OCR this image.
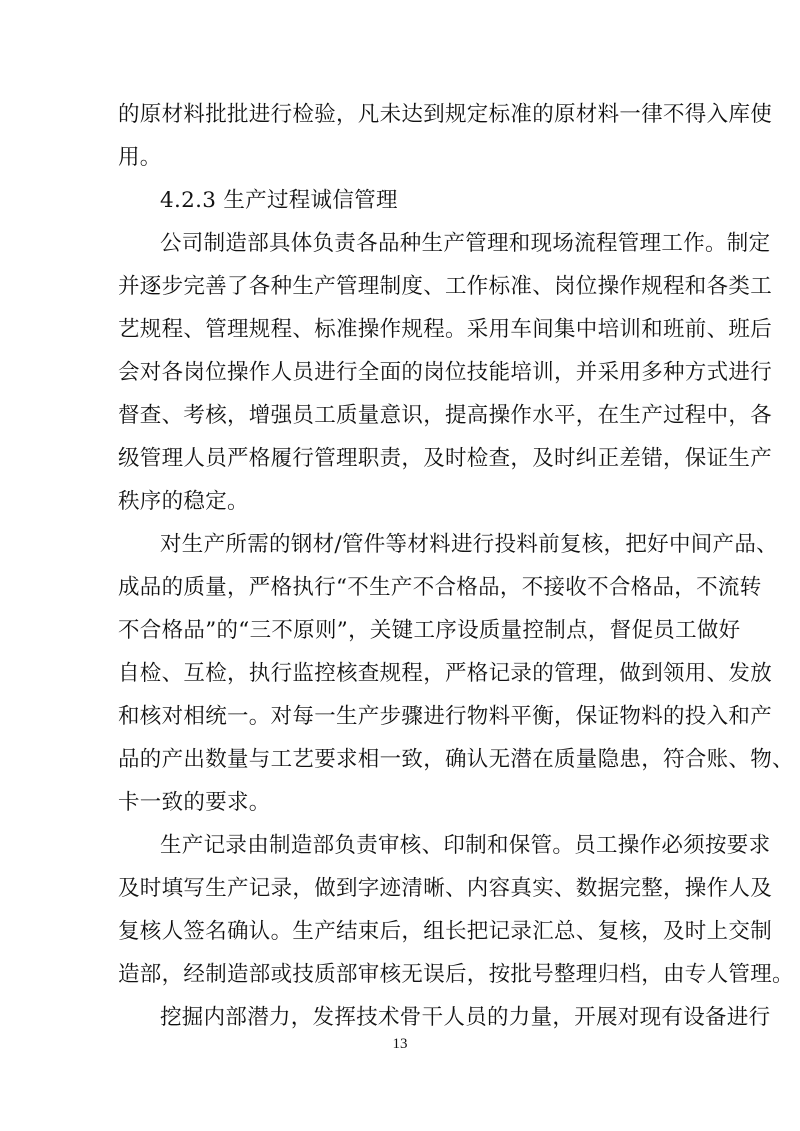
的原材料批批进行检验，凡未达到规定标准的原材料一律不得入库使
用。
4.2.3 生产过程诚信管理
公司制造部具体负责各品种生产管理和现场流程管理工作。制定
并逐步完善了各种生产管理制度、工作标准、岗位操作规程和各类工
艺规程、管理规程、标准操作规程。采用车间集中培训和班前、班后
会对各岗位操作人员进行全面的岗位技能培训，并采用多种方式进行
督查、考核，增强员工质量意识，提高操作水平，在生产过程中，各
级管理人员严格履行管理职责，及时检查，及时纠正差错，保证生产
秩序的稳定。
对生产所需的钢材/管件等材料进行投料前复核，把好中间产品、
成品的质量，严格执行“不生产不合格品，不接收不合格品，不流转
不合格品”的“三不原则”，关键工序设质量控制点，督促员工做好
自检、互检，执行监控核查规程，严格记录的管理，做到领用、发放
和核对相统一。对每一生产步骤进行物料平衡，保证物料的投入和产
品的产出数量与工艺要求相一致，确认无潜在质量隐患，符合账、物、
卡一致的要求。
生产记录由制造部负责审核、印制和保管。员工操作必须按要求
及时填写生产记录，做到字迹清晰、内容真实、数据完整，操作人及
复核人签名确认。生产结束后，组长把记录汇总、复核，及时上交制
造部，经制造部或技质部审核无误后，按批号整理归档，由专人管理。
挖掘内部潜力，发挥技术骨干人员的力量，开展对现有设备进行
13
